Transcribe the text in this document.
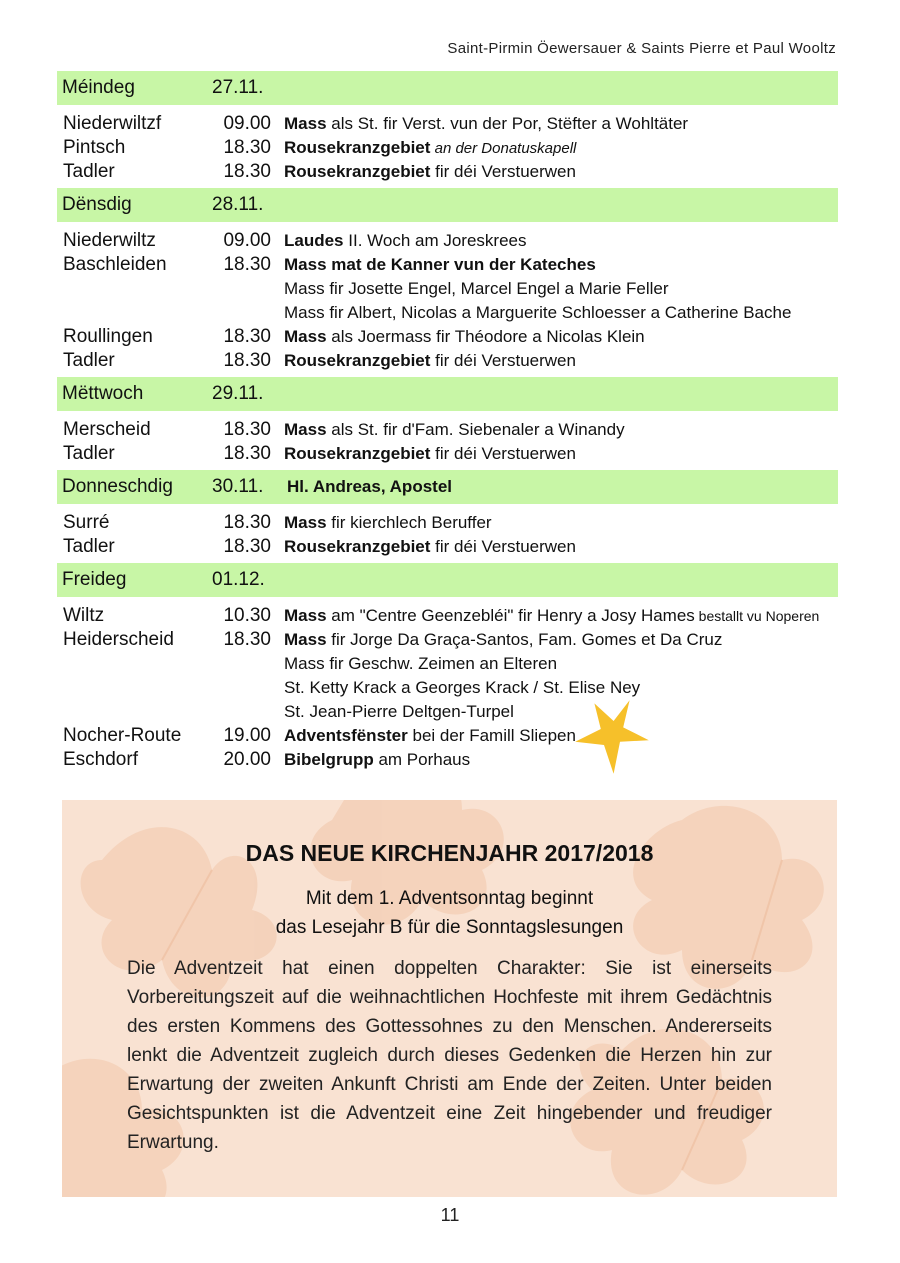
Saint-Pirmin Öewersauer & Saints Pierre et Paul Wooltz
Méindeg	27.11.
Niederwiltzf	09.00 Mass als St. fir Verst. vun der Por, Stëfter a Wohltäter
Pintsch	18.30 Rousekranzgebiet an der Donatuskapell
Tadler	18.30 Rousekranzgebiet fir déi Verstuerwen
Dënsdig	28.11.
Niederwiltz	09.00 Laudes II. Woch am Joreskrees
Baschleiden	18.30 Mass mat de Kanner vun der Kateches
Mass fir Josette Engel, Marcel Engel a Marie Feller
Mass fir Albert, Nicolas a Marguerite Schloesser a Catherine Bache
Roullingen	18.30 Mass als Joermass fir Théodore a Nicolas Klein
Tadler	18.30 Rousekranzgebiet fir déi Verstuerwen
Mëttwoch	29.11.
Merscheid	18.30 Mass als St. fir d'Fam. Siebenaler a Winandy
Tadler	18.30 Rousekranzgebiet fir déi Verstuerwen
Donneschdig	30.11.	Hl. Andreas, Apostel
Surré	18.30 Mass fir kierchlech Beruffer
Tadler	18.30 Rousekranzgebiet fir déi Verstuerwen
Freideg	01.12.
Wiltz	10.30 Mass am "Centre Geenzebléi" fir Henry a Josy Hames bestallt vu Noperen
Heiderscheid	18.30 Mass fir Jorge Da Graça-Santos, Fam. Gomes et Da Cruz
Mass fir Geschw. Zeimen an Elteren
St. Ketty Krack a Georges Krack / St. Elise Ney
St. Jean-Pierre Deltgen-Turpel
Nocher-Route	19.00 Adventsfënster bei der Famill Sliepen
Eschdorf	20.00 Bibelgrupp am Porhaus
DAS NEUE KIRCHENJAHR 2017/2018
Mit dem 1. Adventsonntag beginnt
das Lesejahr B für die Sonntagslesungen
Die Adventzeit hat einen doppelten Charakter: Sie ist einerseits Vorbereitungszeit auf die weihnachtlichen Hochfeste mit ihrem Gedächtnis des ersten Kommens des Gottessohnes zu den Menschen. Andererseits lenkt die Adventzeit zugleich durch dieses Gedenken die Herzen hin zur Erwartung der zweiten Ankunft Christi am Ende der Zeiten. Unter beiden Gesichtspunkten ist die Adventzeit eine Zeit hingebender und freudiger Erwartung.
11
